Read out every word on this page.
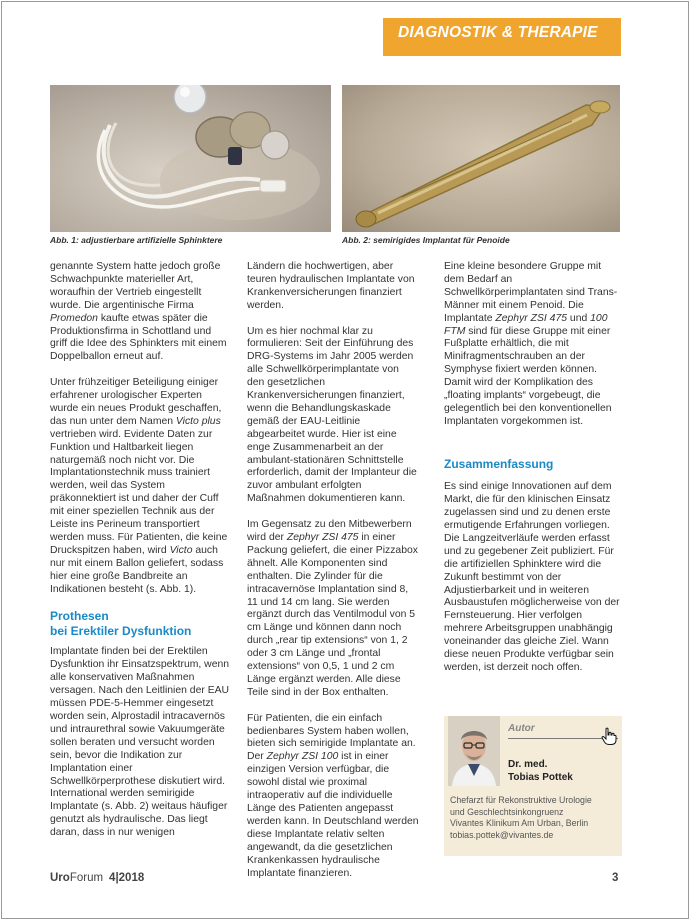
DIAGNOSTIK & THERAPIE
Abb. 1: adjustierbare artifizielle Sphinktere	Abb. 2: semirigides Implantat für Penoide

genannte System hatte jedoch große Schwachpunkte materieller Art, woraufhin der Vertrieb eingestellt wurde. Die argentinische Firma Promedon kaufte etwas später die Produktionsfirma in Schottland und griff die Idee des Sphinkters mit einem Doppelballon erneut auf.

Unter frühzeitiger Beteiligung einiger erfahrener urologischer Experten wurde ein neues Produkt geschaffen, das nun unter dem Namen Victo plus vertrieben wird. Evidente Daten zur Funktion und Haltbarkeit liegen naturgemäß noch nicht vor. Die Implantationstechnik muss trainiert werden, weil das System präkonnektiert ist und daher der Cuff mit einer speziellen Technik aus der Leiste ins Perineum transportiert werden muss. Für Patienten, die keine Druckspitzen haben, wird Victo auch nur mit einem Ballon geliefert, sodass hier eine große Bandbreite an Indikationen besteht (s. Abb. 1).

Prothesen
bei Erektiler Dysfunktion

Implantate finden bei der Erektilen Dysfunktion ihr Einsatzspektrum, wenn alle konservativen Maßnahmen versagen. Nach den Leitlinien der EAU müssen PDE-5-Hemmer eingesetzt worden sein, Alprostadil intracavernös und intraurethral sowie Vakuumgeräte sollen beraten und versucht worden sein, bevor die Indikation zur Implantation einer Schwellkörperprothese diskutiert wird. International werden semirigide Implantate (s. Abb. 2) weitaus häufiger genutzt als hydraulische. Das liegt daran, dass in nur wenigen

Ländern die hochwertigen, aber teuren hydraulischen Implantate von Krankenversicherungen finanziert werden.

Um es hier nochmal klar zu formulieren: Seit der Einführung des DRG-Systems im Jahr 2005 werden alle Schwellkörperimplantate von den gesetzlichen Krankenversicherungen finanziert, wenn die Behandlungskaskade gemäß der EAU-Leitlinie abgearbeitet wurde. Hier ist eine enge Zusammenarbeit an der ambulant-stationären Schnittstelle erforderlich, damit der Implanteur die zuvor ambulant erfolgten Maßnahmen dokumentieren kann.

Im Gegensatz zu den Mitbewerbern wird der Zephyr ZSI 475 in einer Packung geliefert, die einer Pizzabox ähnelt. Alle Komponenten sind enthalten. Die Zylinder für die intracavernöse Implantation sind 8, 11 und 14 cm lang. Sie werden ergänzt durch das Ventilmodul von 5 cm Länge und können dann noch durch „rear tip extensions“ von 1, 2 oder 3 cm Länge und „frontal extensions“ von 0,5, 1 und 2 cm Länge ergänzt werden. Alle diese Teile sind in der Box enthalten.

Für Patienten, die ein einfach bedienbares System haben wollen, bieten sich semirigide Implantate an. Der Zephyr ZSI 100 ist in einer einzigen Version verfügbar, die sowohl distal wie proximal intraoperativ auf die individuelle Länge des Patienten angepasst werden kann. In Deutschland werden diese Implantate relativ selten angewandt, da die gesetzlichen Krankenkassen hydraulische Implantate finanzieren.

Eine kleine besondere Gruppe mit dem Bedarf an Schwellkörperimplantaten sind Trans-Männer mit einem Penoid. Die Implantate Zephyr ZSI 475 und 100 FTM sind für diese Gruppe mit einer Fußplatte erhältlich, die mit Minifragmentschrauben an der Symphyse fixiert werden können. Damit wird der Komplikation des „floating implants“ vorgebeugt, die gelegentlich bei den konventionellen Implantaten vorgekommen ist.

Zusammenfassung

Es sind einige Innovationen auf dem Markt, die für den klinischen Einsatz zugelassen sind und zu denen erste ermutigende Erfahrungen vorliegen. Die Langzeitverläufe werden erfasst und zu gegebener Zeit publiziert. Für die artifiziellen Sphinktere wird die Zukunft bestimmt von der Adjustierbarkeit und in weiteren Ausbaustufen möglicherweise von der Fernsteuerung. Hier verfolgen mehrere Arbeitsgruppen unabhängig voneinander das gleiche Ziel. Wann diese neuen Produkte verfügbar sein werden, ist derzeit noch offen.

Autor
Dr. med.
Tobias Pottek
Chefarzt für Rekonstruktive Urologie
und Geschlechtsinkongruenz
Vivantes Klinikum Am Urban, Berlin
tobias.pottek@vivantes.de
UroForum 4|2018	3
